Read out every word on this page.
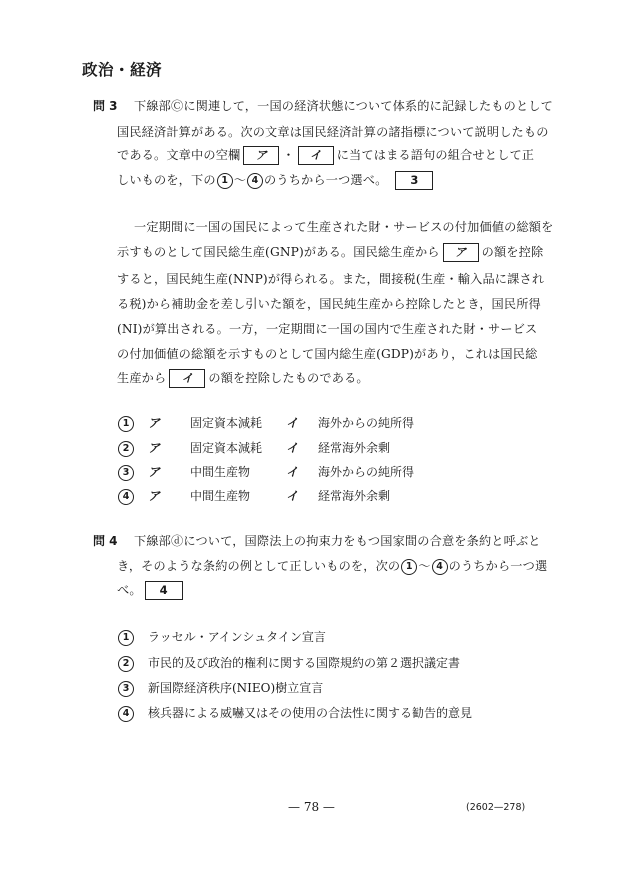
政治・経済
問 3 下線部Ⓒに関連して，一国の経済状態について体系的に記録したものとして
国民経済計算がある。次の文章は国民経済計算の諸指標について説明したもの
である。文章中の空欄 ア ・ イ に当てはまる語句の組合せとして正
しいものを，下の 1 〜 4 のうちから一つ選べ。 3
一定期間に一国の国民によって生産された財・サービスの付加価値の総額を
示すものとして国民総生産(GNP)がある。国民総生産から ア の額を控除
すると，国民純生産(NNP)が得られる。また，間接税(生産・輸入品に課され
る税)から補助金を差し引いた額を，国民純生産から控除したとき，国民所得
(NI)が算出される。一方，一定期間に一国の国内で生産された財・サービス
の付加価値の総額を示すものとして国内総生産(GDP)があり，これは国民総
生産から イ の額を控除したものである。
1 ア 固定資本減耗 イ 海外からの純所得
2 ア 固定資本減耗 イ 経常海外余剰
3 ア 中間生産物	イ 海外からの純所得
4 ア 中間生産物	イ 経常海外余剰
問 4 下線部ⓓについて，国際法上の拘束力をもつ国家間の合意を条約と呼ぶと
き，そのような条約の例として正しいものを，次の 1 〜 4 のうちから一つ選
べ。 4
1 ラッセル・アインシュタイン宣言
2 市民的及び政治的権利に関する国際規約の第２選択議定書
3 新国際経済秩序(NIEO)樹立宣言
4 核兵器による威嚇又はその使用の合法性に関する勧告的意見
— 78 —	(2602—278)
